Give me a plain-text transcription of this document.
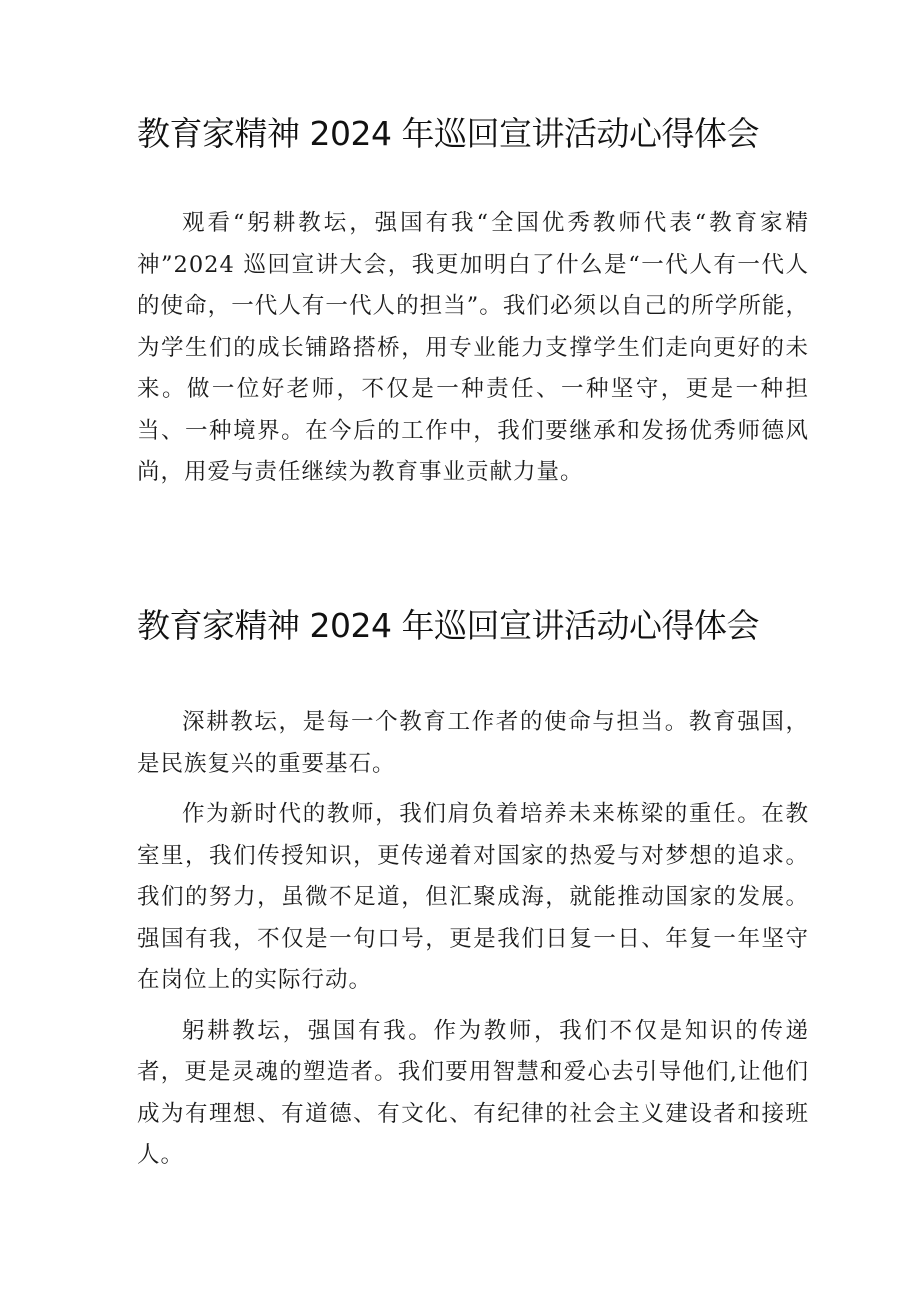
教育家精神 2024 年巡回宣讲活动心得体会

观看“躬耕教坛，强国有我“全国优秀教师代表“教育家精神”2024 巡回宣讲大会，我更加明白了什么是“一代人有一代人的使命，一代人有一代人的担当”。我们必须以自己的所学所能，为学生们的成长铺路搭桥，用专业能力支撑学生们走向更好的未来。做一位好老师，不仅是一种责任、一种坚守，更是一种担当、一种境界。在今后的工作中，我们要继承和发扬优秀师德风尚，用爱与责任继续为教育事业贡献力量。

教育家精神 2024 年巡回宣讲活动心得体会

深耕教坛，是每一个教育工作者的使命与担当。教育强国，是民族复兴的重要基石。

作为新时代的教师，我们肩负着培养未来栋梁的重任。在教室里，我们传授知识，更传递着对国家的热爱与对梦想的追求。我们的努力，虽微不足道，但汇聚成海，就能推动国家的发展。强国有我，不仅是一句口号，更是我们日复一日、年复一年坚守在岗位上的实际行动。

躬耕教坛，强国有我。作为教师，我们不仅是知识的传递者，更是灵魂的塑造者。我们要用智慧和爱心去引导他们,让他们成为有理想、有道德、有文化、有纪律的社会主义建设者和接班人。
